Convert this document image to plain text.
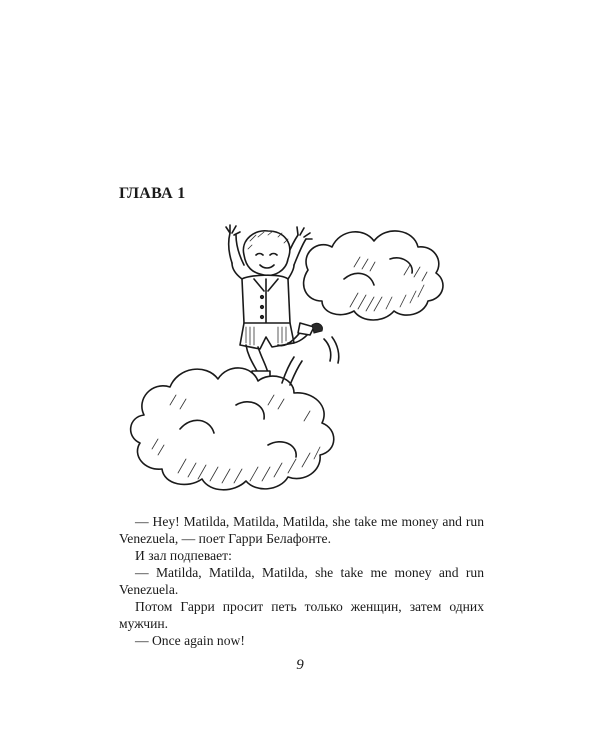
ГЛАВА 1

— Hey! Matilda, Matilda, Matilda, she take me money and run Venezuela, — поет Гарри Белафонте.

И зал подпевает:

— Matilda, Matilda, Matilda, she take me money and run Venezuela.

Потом Гарри просит петь только женщин, затем одних мужчин.

— Once again now!

9
